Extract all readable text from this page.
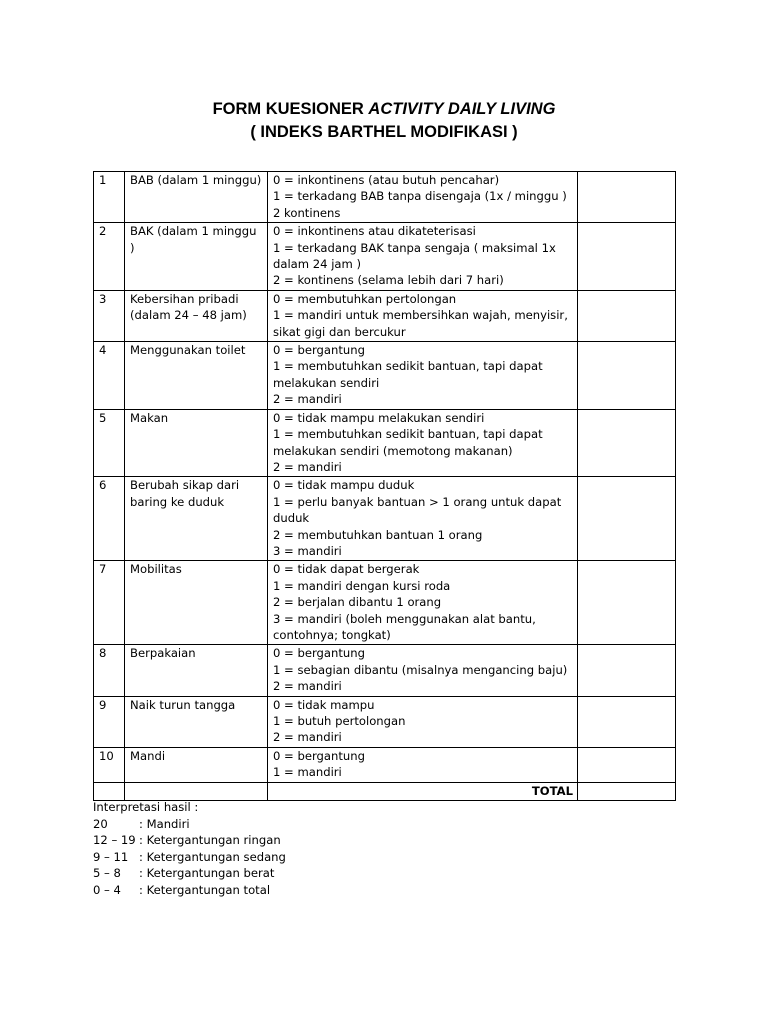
FORM KUESIONER ACTIVITY DAILY LIVING
( INDEKS BARTHEL MODIFIKASI )
1	BAB (dalam 1 minggu)	0 = inkontinens (atau butuh pencahar)
1 = terkadang BAB tanpa disengaja (1x / minggu )
2 kontinens	

2	BAK (dalam 1 minggu )	0 = inkontinens atau dikateterisasi
1 = terkadang BAK tanpa sengaja ( maksimal 1x dalam 24 jam )
2 = kontinens (selama lebih dari 7 hari)	

3	Kebersihan pribadi (dalam 24 – 48 jam)	0 = membutuhkan pertolongan
1 = mandiri untuk membersihkan wajah, menyisir, sikat gigi dan bercukur	

4	Menggunakan toilet	0 = bergantung
1 = membutuhkan sedikit bantuan, tapi dapat melakukan sendiri
2 = mandiri	

5	Makan	0 = tidak mampu melakukan sendiri
1 = membutuhkan sedikit bantuan, tapi dapat melakukan sendiri (memotong makanan)
2 = mandiri	

6	Berubah sikap dari baring ke duduk	0 = tidak mampu duduk
1 = perlu banyak bantuan > 1 orang untuk dapat duduk
2 = membutuhkan bantuan 1 orang
3 = mandiri	

7	Mobilitas	0 = tidak dapat bergerak
1 = mandiri dengan kursi roda
2 = berjalan dibantu 1 orang
3 = mandiri (boleh menggunakan alat bantu, contohnya; tongkat)	

8	Berpakaian	0 = bergantung
1 = sebagian dibantu (misalnya mengancing baju)
2 = mandiri	

9	Naik turun tangga	0 = tidak mampu
1 = butuh pertolongan
2 = mandiri	

10	Mandi	0 = bergantung
1 = mandiri	

		TOTAL	
Interpretasi hasil :
20	: Mandiri
12 – 19 : Ketergantungan ringan
9 – 11 : Ketergantungan sedang
5 – 8	: Ketergantungan berat
0 – 4	: Ketergantungan total
